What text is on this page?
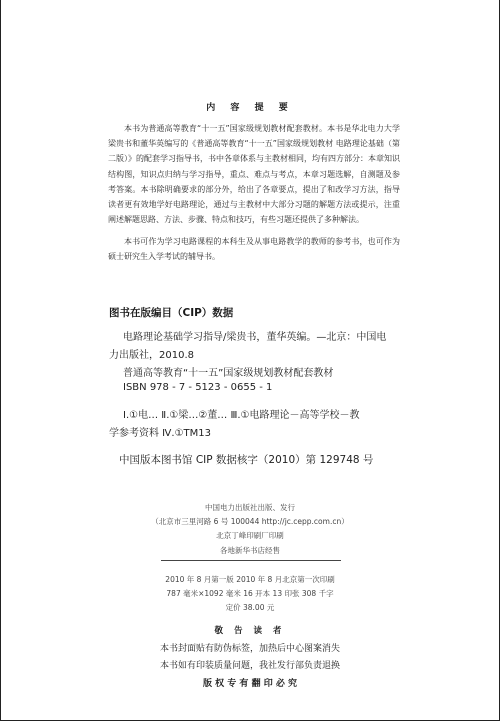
内 容 提 要
本书为普通高等教育“十一五”国家级规划教材配套教材。本书是华北电力大学梁贵书和董华英编写的《普通高等教育“十一五”国家级规划教材 电路理论基础（第二版）》的配套学习指导书，书中各章体系与主教材相同，均有四方部分：本章知识结构图，知识点归纳与学习指导，重点、难点与考点，本章习题选解，自测题及参考答案。本书除明确要求的部分外，给出了各章要点，提出了和改学习方法，指导读者更有效地学好电路理论，通过与主教材中大部分习题的解题方法或提示，注重阐述解题思路、方法、步骤、特点和技巧，有些习题还提供了多种解法。
本书可作为学习电路课程的本科生及从事电路教学的教师的参考书，也可作为硕士研究生入学考试的辅导书。
图书在版编目（CIP）数据
电路理论基础学习指导/梁贵书，董华英编。—北京：中国电
力出版社，2010.8
普通高等教育“十一五”国家级规划教材配套教材
ISBN 978 - 7 - 5123 - 0655 - 1
Ⅰ.①电… Ⅱ.①梁…②董… Ⅲ.①电路理论－高等学校－教
学参考资料 Ⅳ.①TM13
中国版本图书馆 CIP 数据核字（2010）第 129748 号
中国电力出版社出版、发行
（北京市三里河路 6 号 100044 http://jc.cepp.com.cn）
北京丁峰印刷厂印刷
各地新华书店经售
2010 年 8 月第一版 2010 年 8 月北京第一次印刷
787 毫米×1092 毫米 16 开本 13 印张 308 千字
定价 38.00 元
敬 告 读 者
本书封面贴有防伪标签，加热后中心图案消失
本书如有印装质量问题，我社发行部负责退换
版 权 专 有 翻 印 必 究
